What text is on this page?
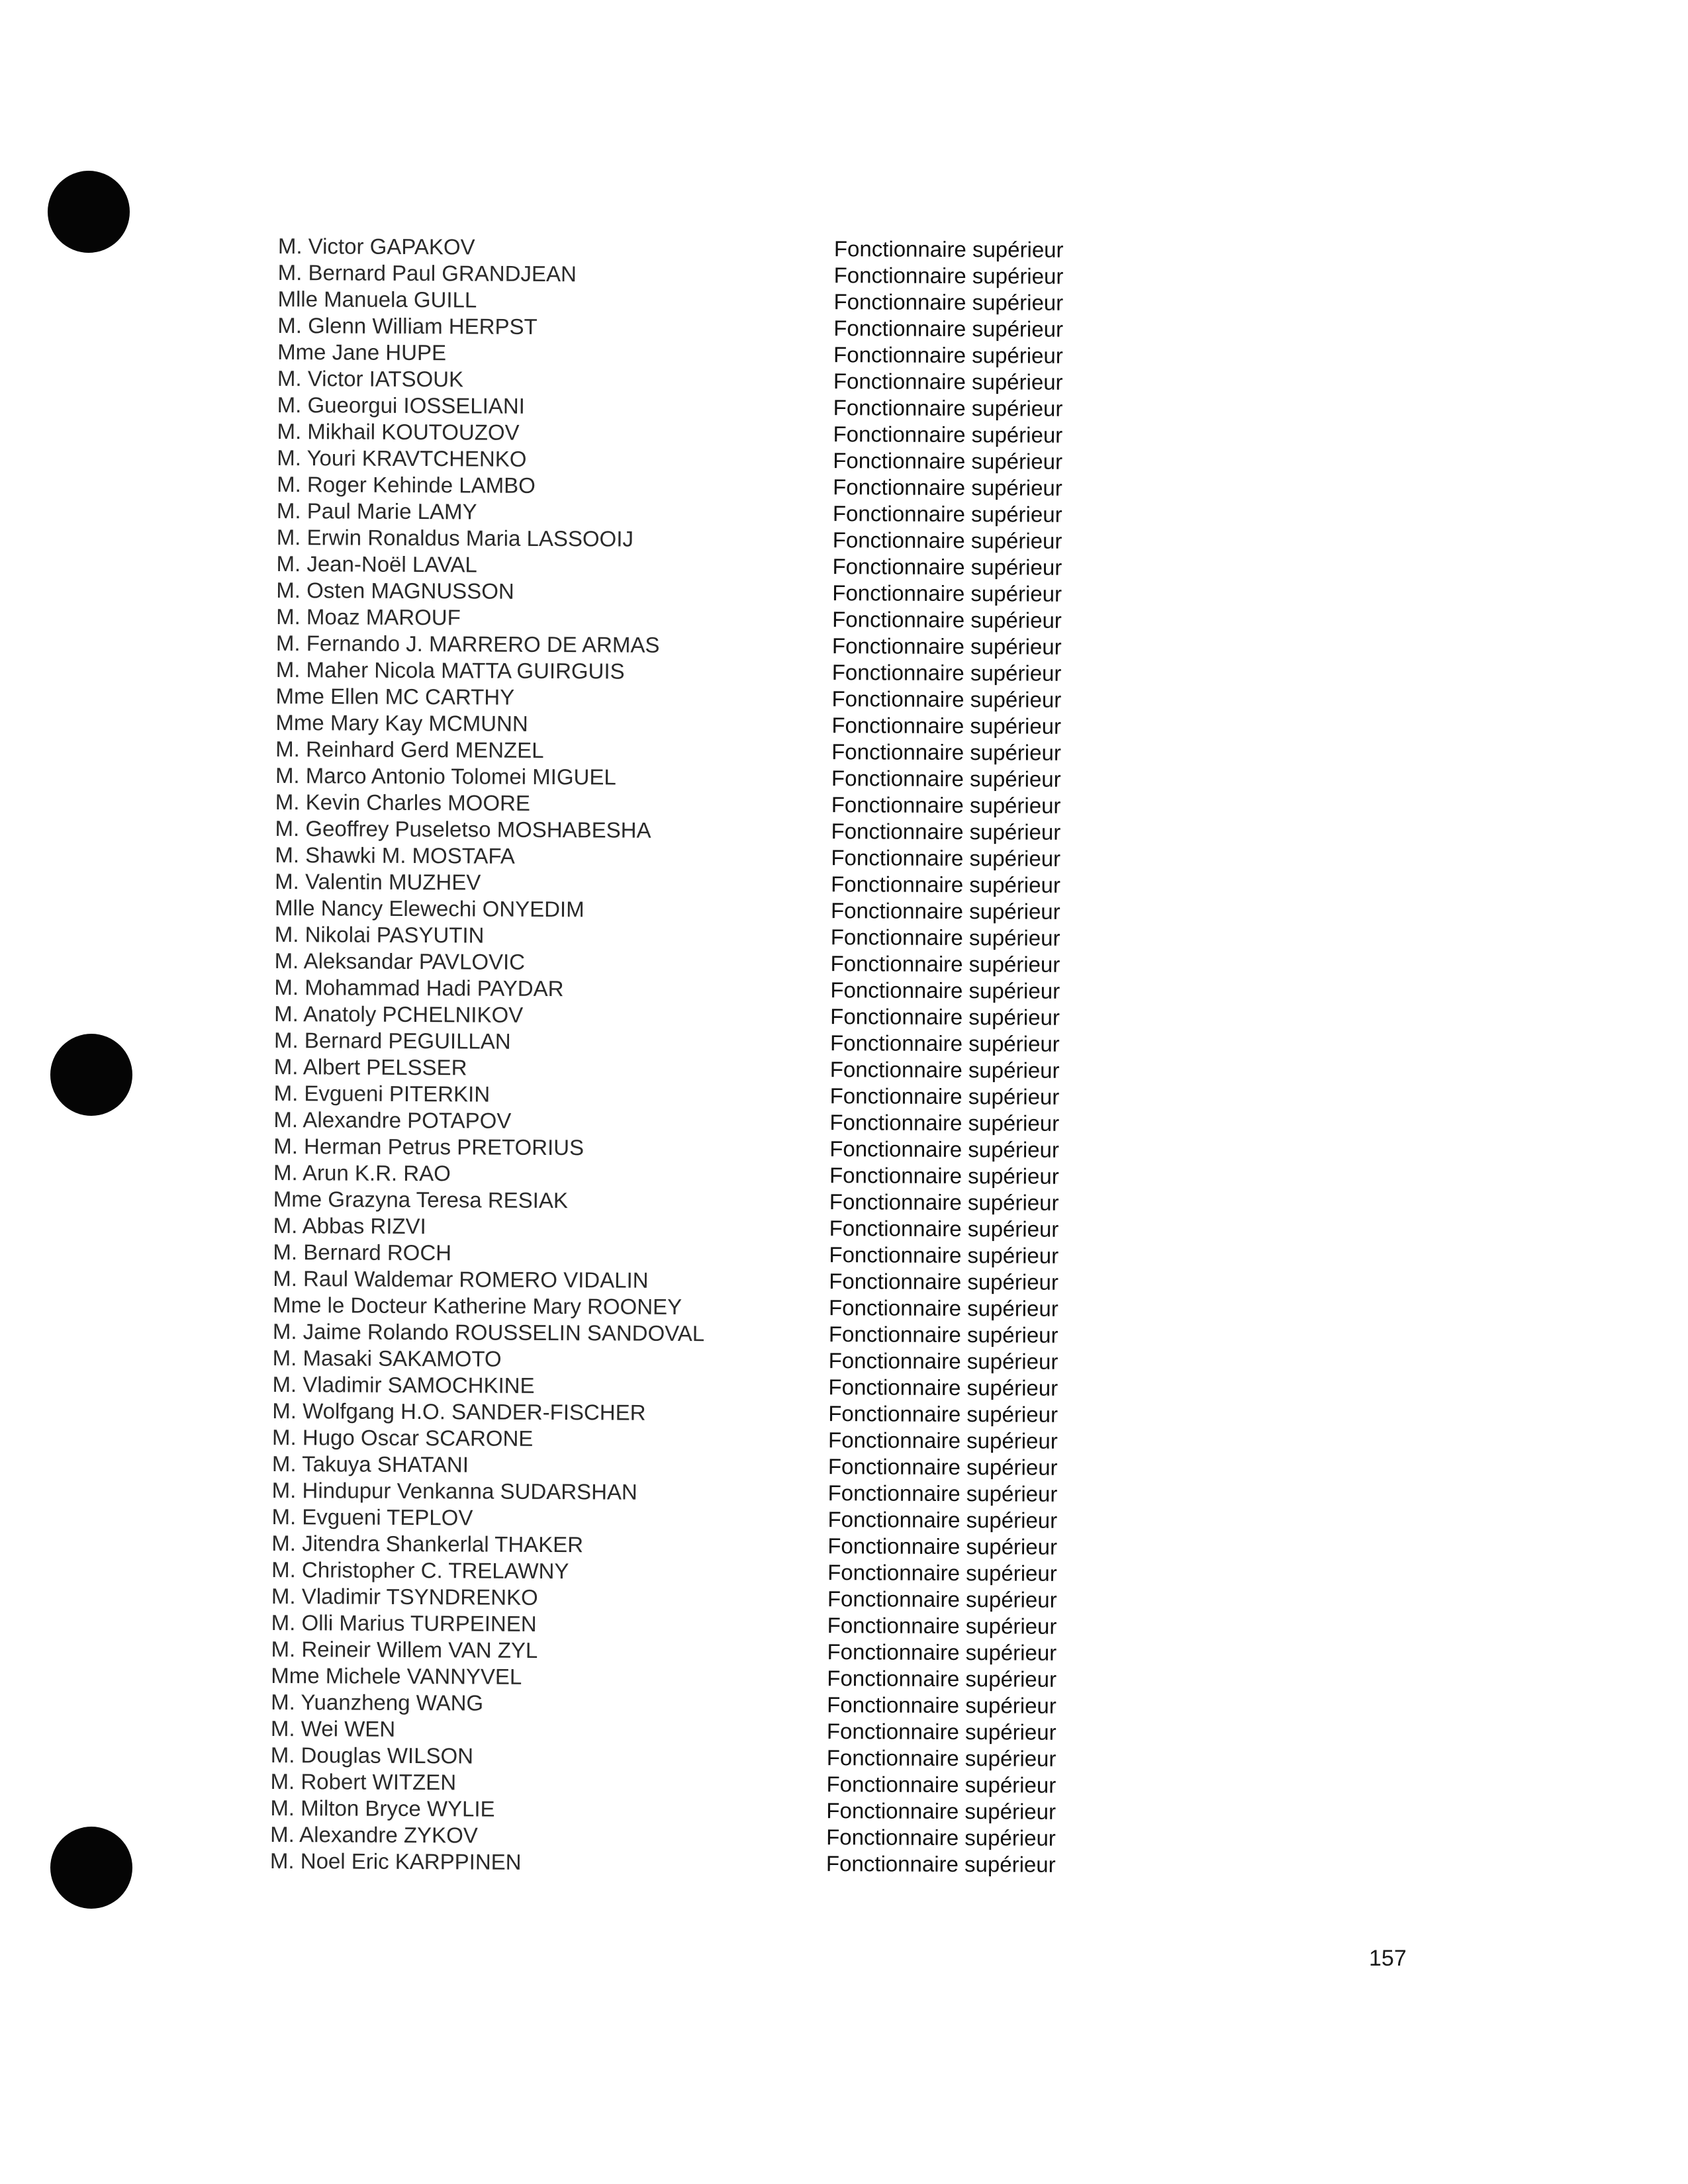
M. Victor GAPAKOV	Fonctionnaire supérieur
M. Bernard Paul GRANDJEAN	Fonctionnaire supérieur
Mlle Manuela GUILL	Fonctionnaire supérieur
M. Glenn William HERPST	Fonctionnaire supérieur
Mme Jane HUPE	Fonctionnaire supérieur
M. Victor IATSOUK	Fonctionnaire supérieur
M. Gueorgui IOSSELIANI	Fonctionnaire supérieur
M. Mikhail KOUTOUZOV	Fonctionnaire supérieur
M. Youri KRAVTCHENKO	Fonctionnaire supérieur
M. Roger Kehinde LAMBO	Fonctionnaire supérieur
M. Paul Marie LAMY	Fonctionnaire supérieur
M. Erwin Ronaldus Maria LASSOOIJ	Fonctionnaire supérieur
M. Jean-Noël LAVAL	Fonctionnaire supérieur
M. Osten MAGNUSSON	Fonctionnaire supérieur
M. Moaz MAROUF	Fonctionnaire supérieur
M. Fernando J. MARRERO DE ARMAS	Fonctionnaire supérieur
M. Maher Nicola MATTA GUIRGUIS	Fonctionnaire supérieur
Mme Ellen MC CARTHY	Fonctionnaire supérieur
Mme Mary Kay MCMUNN	Fonctionnaire supérieur
M. Reinhard Gerd MENZEL	Fonctionnaire supérieur
M. Marco Antonio Tolomei MIGUEL	Fonctionnaire supérieur
M. Kevin Charles MOORE	Fonctionnaire supérieur
M. Geoffrey Puseletso MOSHABESHA	Fonctionnaire supérieur
M. Shawki M. MOSTAFA	Fonctionnaire supérieur
M. Valentin MUZHEV	Fonctionnaire supérieur
Mlle Nancy Elewechi ONYEDIM	Fonctionnaire supérieur
M. Nikolai PASYUTIN	Fonctionnaire supérieur
M. Aleksandar PAVLOVIC	Fonctionnaire supérieur
M. Mohammad Hadi PAYDAR	Fonctionnaire supérieur
M. Anatoly PCHELNIKOV	Fonctionnaire supérieur
M. Bernard PEGUILLAN	Fonctionnaire supérieur
M. Albert PELSSER	Fonctionnaire supérieur
M. Evgueni PITERKIN	Fonctionnaire supérieur
M. Alexandre POTAPOV	Fonctionnaire supérieur
M. Herman Petrus PRETORIUS	Fonctionnaire supérieur
M. Arun K.R. RAO	Fonctionnaire supérieur
Mme Grazyna Teresa RESIAK	Fonctionnaire supérieur
M. Abbas RIZVI	Fonctionnaire supérieur
M. Bernard ROCH	Fonctionnaire supérieur
M. Raul Waldemar ROMERO VIDALIN	Fonctionnaire supérieur
Mme le Docteur Katherine Mary ROONEY	Fonctionnaire supérieur
M. Jaime Rolando ROUSSELIN SANDOVAL	Fonctionnaire supérieur
M. Masaki SAKAMOTO	Fonctionnaire supérieur
M. Vladimir SAMOCHKINE	Fonctionnaire supérieur
M. Wolfgang H.O. SANDER-FISCHER	Fonctionnaire supérieur
M. Hugo Oscar SCARONE	Fonctionnaire supérieur
M. Takuya SHATANI	Fonctionnaire supérieur
M. Hindupur Venkanna SUDARSHAN	Fonctionnaire supérieur
M. Evgueni TEPLOV	Fonctionnaire supérieur
M. Jitendra Shankerlal THAKER	Fonctionnaire supérieur
M. Christopher C. TRELAWNY	Fonctionnaire supérieur
M. Vladimir TSYNDRENKO	Fonctionnaire supérieur
M. Olli Marius TURPEINEN	Fonctionnaire supérieur
M. Reineir Willem VAN ZYL	Fonctionnaire supérieur
Mme Michele VANNYVEL	Fonctionnaire supérieur
M. Yuanzheng WANG	Fonctionnaire supérieur
M. Wei WEN	Fonctionnaire supérieur
M. Douglas WILSON	Fonctionnaire supérieur
M. Robert WITZEN	Fonctionnaire supérieur
M. Milton Bryce WYLIE	Fonctionnaire supérieur
M. Alexandre ZYKOV	Fonctionnaire supérieur
M. Noel Eric KARPPINEN	Fonctionnaire supérieur
157
